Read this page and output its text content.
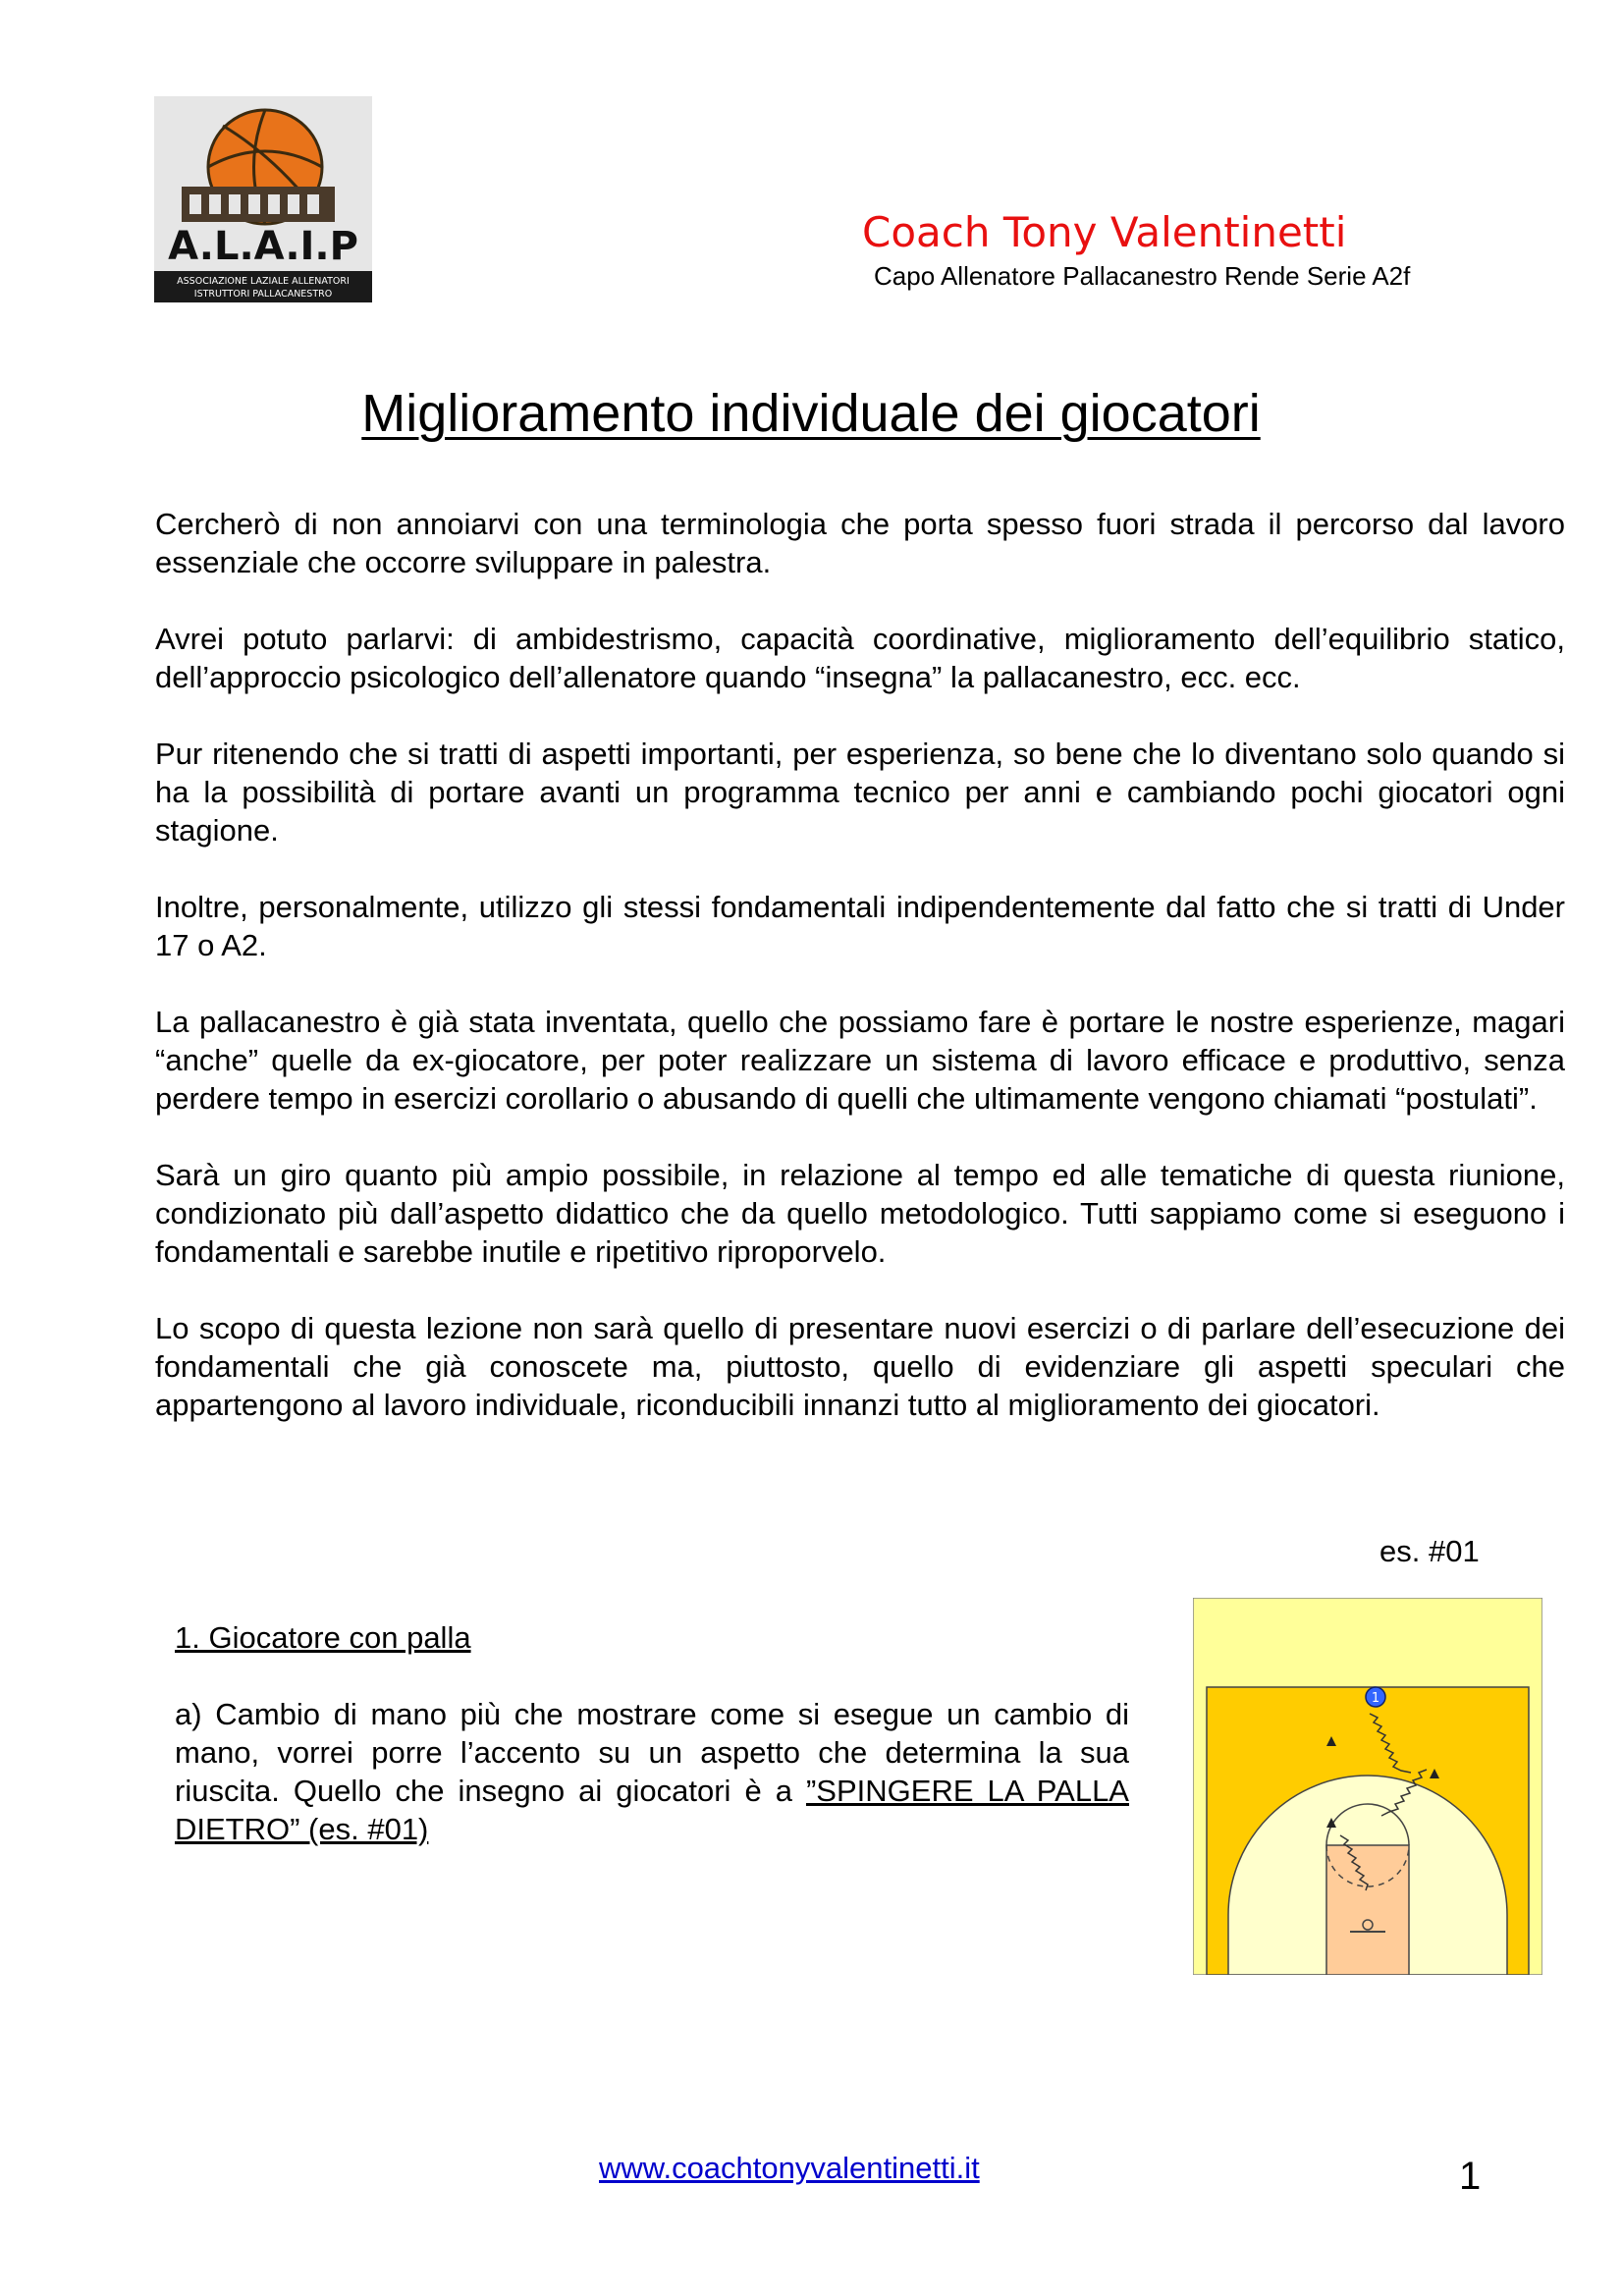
A.L.A.I.P
ASSOCIAZIONE LAZIALE ALLENATORI
ISTRUTTORI PALLACANESTRO
Coach Tony Valentinetti
Capo Allenatore Pallacanestro Rende Serie A2f
Miglioramento individuale dei giocatori

Cercherò di non annoiarvi con una terminologia che porta spesso fuori strada il percorso dal lavoro essenziale che occorre sviluppare in palestra.

Avrei potuto parlarvi: di ambidestrismo, capacità coordinative, miglioramento dell’equilibrio statico, dell’approccio psicologico dell’allenatore quando “insegna” la pallacanestro, ecc. ecc.

Pur ritenendo che si tratti di aspetti importanti, per esperienza, so bene che lo diventano solo quando si ha la possibilità di portare avanti un programma tecnico per anni e cambiando pochi giocatori ogni stagione.

Inoltre, personalmente, utilizzo gli stessi fondamentali indipendentemente dal fatto che si tratti di Under 17 o A2.

La pallacanestro è già stata inventata, quello che possiamo fare è portare le nostre esperienze, magari “anche” quelle da ex-giocatore, per poter realizzare un sistema di lavoro efficace e produttivo, senza perdere tempo in esercizi corollario o abusando di quelli che ultimamente vengono chiamati “postulati”.

Sarà un giro quanto più ampio possibile, in relazione al tempo ed alle tematiche di questa riunione, condizionato più dall’aspetto didattico che da quello metodologico. Tutti sappiamo come si eseguono i fondamentali e sarebbe inutile e ripetitivo riproporvelo.

Lo scopo di questa lezione non sarà quello di presentare nuovi esercizi o di parlare dell’esecuzione dei fondamentali che già conoscete ma, piuttosto, quello di evidenziare gli aspetti speculari che appartengono al lavoro individuale, riconducibili innanzi tutto al miglioramento dei giocatori.

es. #01
1. Giocatore con palla

a) Cambio di mano più che mostrare come si esegue un cambio di mano, vorrei porre l’accento su un aspetto che determina la sua riuscita. Quello che insegno ai giocatori è a ”SPINGERE LA PALLA DIETRO” (es. #01)

1
www.coachtonyvalentinetti.it	1
